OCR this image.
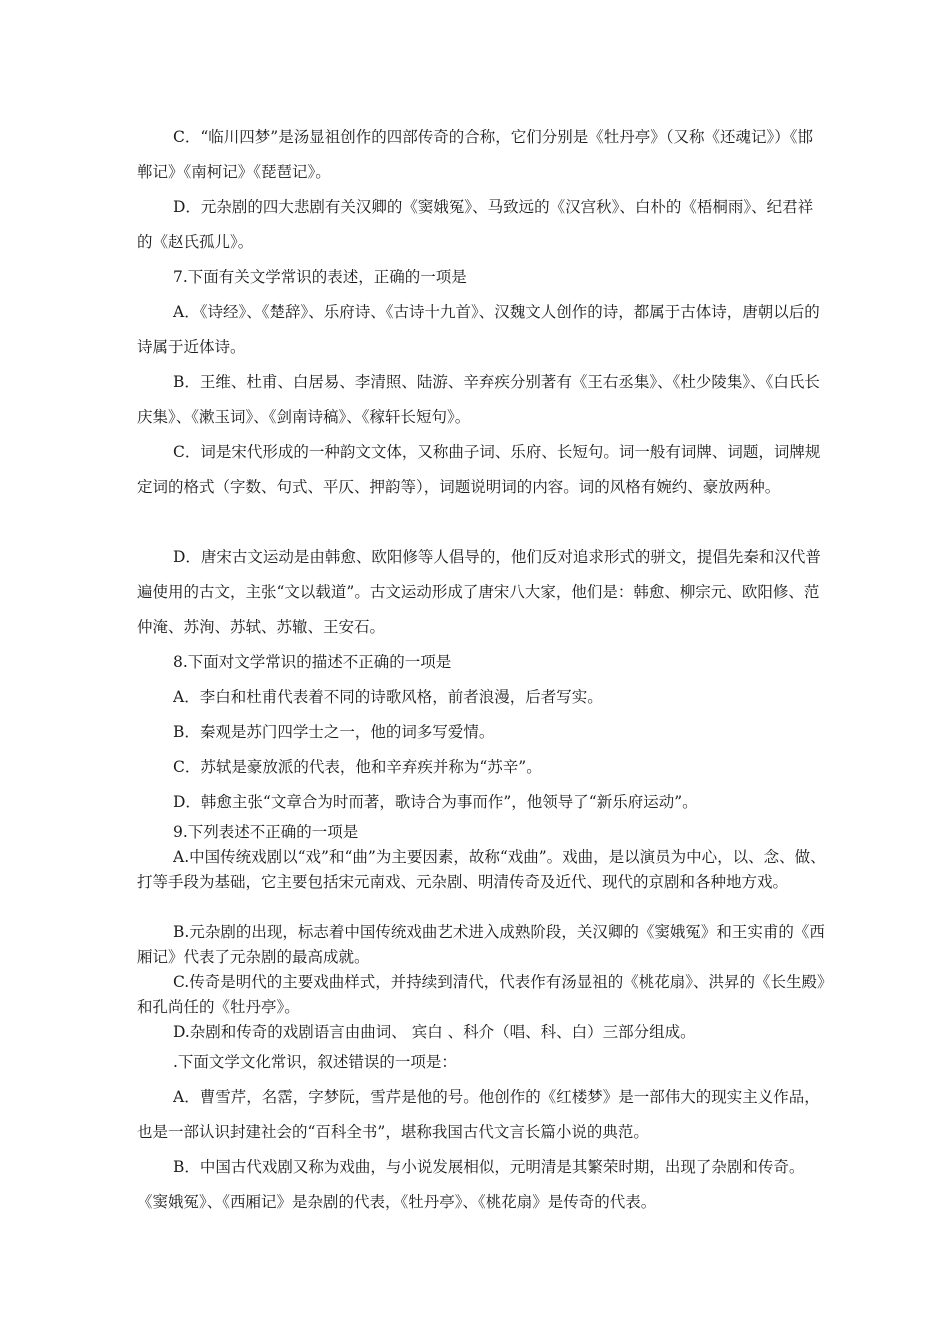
C．“临川四梦”是汤显祖创作的四部传奇的合称，它们分别是《牡丹亭》（又称《还魂记》）《邯郸记》《南柯记》《琵琶记》。

D．元杂剧的四大悲剧有关汉卿的《窦娥冤》、马致远的《汉宫秋》、白朴的《梧桐雨》、纪君祥的《赵氏孤儿》。

7.下面有关文学常识的表述，正确的一项是

A．《诗经》、《楚辞》、乐府诗、《古诗十九首》、汉魏文人创作的诗，都属于古体诗，唐朝以后的诗属于近体诗。

B．王维、杜甫、白居易、李清照、陆游、辛弃疾分别著有《王右丞集》、《杜少陵集》、《白氏长庆集》、《漱玉词》、《剑南诗稿》、《稼轩长短句》。

C．词是宋代形成的一种韵文文体，又称曲子词、乐府、长短句。词一般有词牌、词题，词牌规定词的格式（字数、句式、平仄、押韵等），词题说明词的内容。词的风格有婉约、豪放两种。

D．唐宋古文运动是由韩愈、欧阳修等人倡导的，他们反对追求形式的骈文，提倡先秦和汉代普遍使用的古文，主张“文以载道”。古文运动形成了唐宋八大家，他们是：韩愈、柳宗元、欧阳修、范仲淹、苏洵、苏轼、苏辙、王安石。

8.下面对文学常识的描述不正确的一项是

A．李白和杜甫代表着不同的诗歌风格，前者浪漫，后者写实。

B．秦观是苏门四学士之一，他的词多写爱情。

C．苏轼是豪放派的代表，他和辛弃疾并称为“苏辛”。

D．韩愈主张“文章合为时而著，歌诗合为事而作”，他领导了“新乐府运动”。

9.下列表述不正确的一项是

A.中国传统戏剧以“戏”和“曲”为主要因素，故称“戏曲”。戏曲，是以演员为中心，以、念、做、打等手段为基础，它主要包括宋元南戏、元杂剧、明清传奇及近代、现代的京剧和各种地方戏。

B.元杂剧的出现，标志着中国传统戏曲艺术进入成熟阶段，关汉卿的《窦娥冤》和王实甫的《西厢记》代表了元杂剧的最高成就。

C.传奇是明代的主要戏曲样式，并持续到清代，代表作有汤显祖的《桃花扇》、洪昇的《长生殿》和孔尚任的《牡丹亭》。

D.杂剧和传奇的戏剧语言由曲词、 宾白 、科介（唱、科、白）三部分组成。

.下面文学文化常识，叙述错误的一项是：

A．曹雪芹，名霑，字梦阮，雪芹是他的号。他创作的《红楼梦》是一部伟大的现实主义作品，也是一部认识封建社会的“百科全书”，堪称我国古代文言长篇小说的典范。

B．中国古代戏剧又称为戏曲，与小说发展相似，元明清是其繁荣时期，出现了杂剧和传奇。《窦娥冤》、《西厢记》是杂剧的代表，《牡丹亭》、《桃花扇》是传奇的代表。
